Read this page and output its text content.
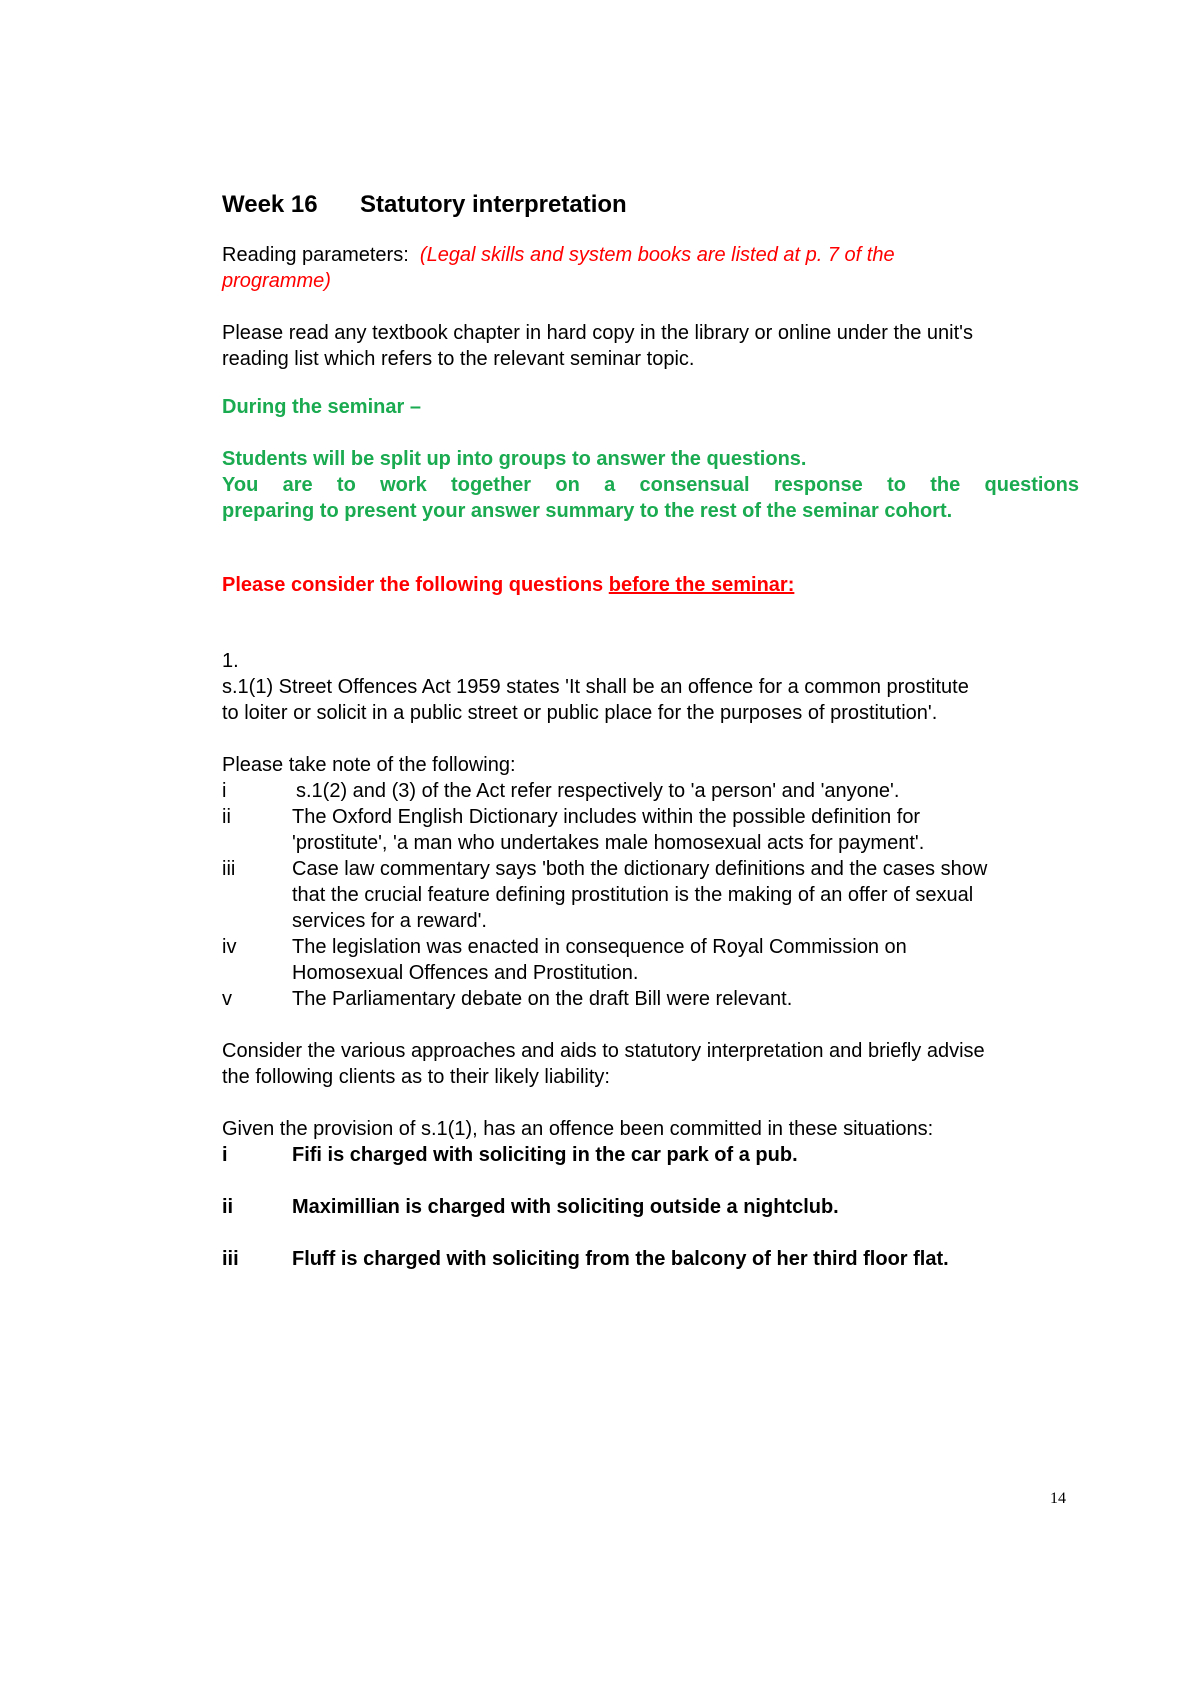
Week 16 Statutory interpretation

Reading parameters: (Legal skills and system books are listed at p. 7 of the programme)

Please read any textbook chapter in hard copy in the library or online under the unit's reading list which refers to the relevant seminar topic.

During the seminar –

Students will be split up into groups to answer the questions.

You are to work together on a consensual response to the questions

preparing to present your answer summary to the rest of the seminar cohort.

Please consider the following questions before the seminar:

1.

s.1(1) Street Offences Act 1959 states 'It shall be an offence for a common prostitute to loiter or solicit in a public street or public place for the purposes of prostitution'.

Please take note of the following:

i	s.1(2) and (3) of the Act refer respectively to 'a person' and 'anyone'.
ii	The Oxford English Dictionary includes within the possible definition for 'prostitute', 'a man who undertakes male homosexual acts for payment'.
iii	Case law commentary says 'both the dictionary definitions and the cases show that the crucial feature defining prostitution is the making of an offer of sexual services for a reward'.
iv	The legislation was enacted in consequence of Royal Commission on Homosexual Offences and Prostitution.
v	The Parliamentary debate on the draft Bill were relevant.

Consider the various approaches and aids to statutory interpretation and briefly advise the following clients as to their likely liability:

Given the provision of s.1(1), has an offence been committed in these situations:

i	Fifi is charged with soliciting in the car park of a pub.
ii	Maximillian is charged with soliciting outside a nightclub.
iii	Fluff is charged with soliciting from the balcony of her third floor flat.
14
